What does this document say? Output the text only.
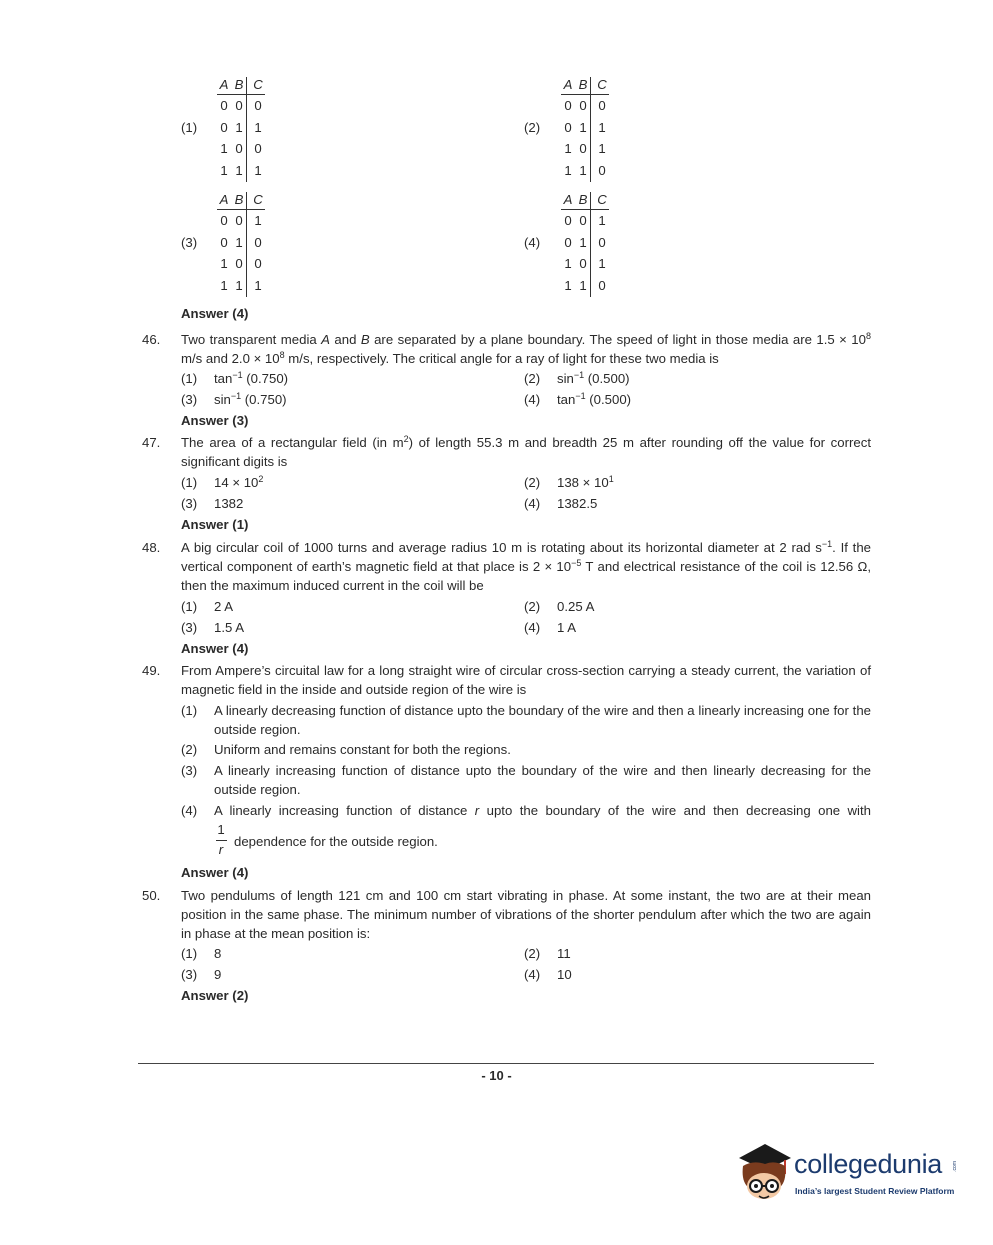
(1)
A B C
0 0 0
0 1 1
1 0 0
1 1 1
(2)
A B C
0 0 0
0 1 1
1 0 1
1 1 0
(3)
A B C
0 0 1
0 1 0
1 0 0
1 1 1
(4)
A B C
0 0 1
0 1 0
1 0 1
1 1 0
Answer (4)
46. Two transparent media A and B are separated by a plane boundary. The speed of light in those media are $1.5 \times 10^8$ m/s and $2.0 \times 10^8$ m/s, respectively. The critical angle for a ray of light for these two media is
(1) $\tan^{-1} (0.750)$	(2) $\sin^{-1} (0.500)$
(3) $\sin^{-1} (0.750)$	(4) $\tan^{-1} (0.500)$
Answer (3)
47. The area of a rectangular field (in $m^2$) of length 55.3 m and breadth 25 m after rounding off the value for correct significant digits is
(1) $14 \times 10^2$	(2) $138 \times 10^1$
(3) 1382	(4) 1382.5
Answer (1)
48. A big circular coil of 1000 turns and average radius 10 m is rotating about its horizontal diameter at 2 rad $s^{-1}$. If the vertical component of earth’s magnetic field at that place is $2 \times 10^{-5}$ T and electrical resistance of the coil is 12.56 Ω, then the maximum induced current in the coil will be
(1) 2 A	(2) 0.25 A
(3) 1.5 A	(4) 1 A
Answer (4)
49. From Ampere’s circuital law for a long straight wire of circular cross-section carrying a steady current, the variation of magnetic field in the inside and outside region of the wire is
(1) A linearly decreasing function of distance upto the boundary of the wire and then a linearly increasing one for the outside region.
(2) Uniform and remains constant for both the regions.
(3) A linearly increasing function of distance upto the boundary of the wire and then linearly decreasing for the outside region.
(4) A linearly increasing function of distance r upto the boundary of the wire and then decreasing one with
1
r
dependence for the outside region.
Answer (4)
50. Two pendulums of length 121 cm and 100 cm start vibrating in phase. At some instant, the two are at their mean position in the same phase. The minimum number of vibrations of the shorter pendulum after which the two are again in phase at the mean position is:
(1) 8	(2) 11
(3) 9	(4) 10
Answer (2)
- 10 -
collegedunia .com
India’s largest Student Review Platform
